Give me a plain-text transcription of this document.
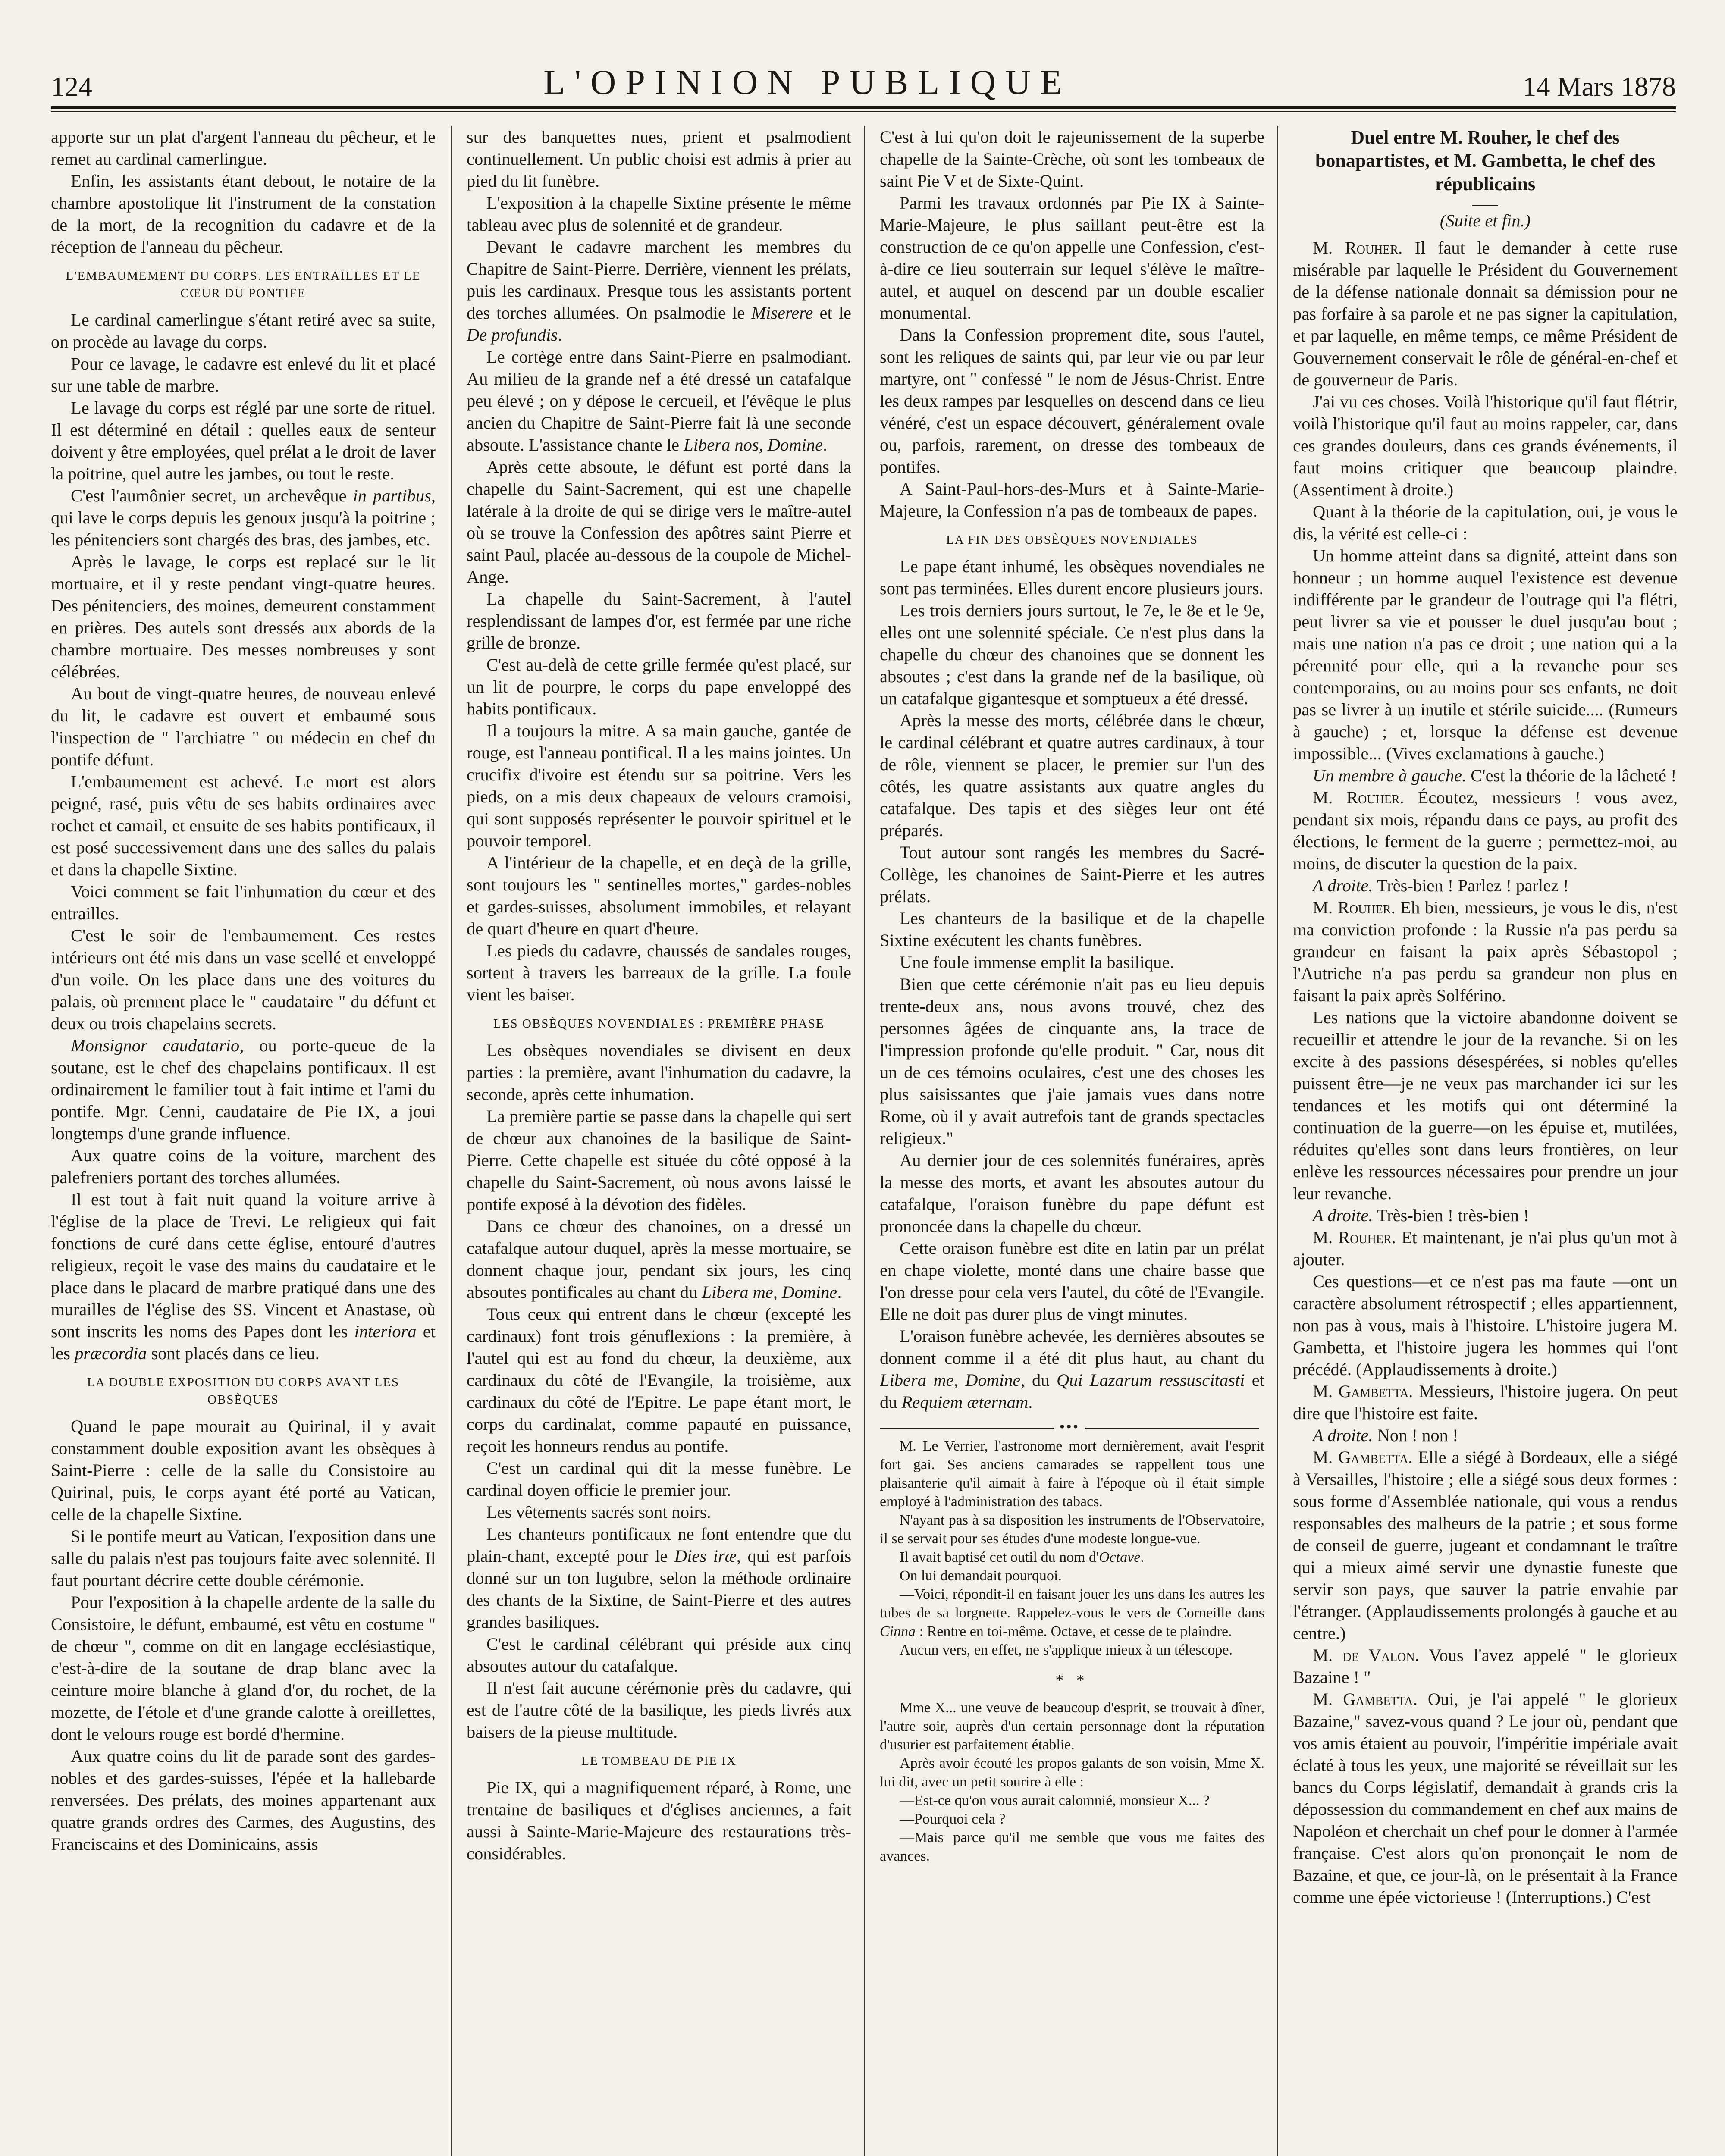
124	L'OPINION PUBLIQUE	14 Mars 1878

apporte sur un plat d'argent l'anneau du pêcheur, et le remet au cardinal camerlingue.

Enfin, les assistants étant debout, le notaire de la chambre apostolique lit l'instrument de la constation de la mort, de la recognition du cadavre et de la réception de l'anneau du pêcheur.

L'EMBAUMEMENT DU CORPS. LES ENTRAILLES ET LE CŒUR DU PONTIFE

Le cardinal camerlingue s'étant retiré avec sa suite, on procède au lavage du corps.

Pour ce lavage, le cadavre est enlevé du lit et placé sur une table de marbre.

Le lavage du corps est réglé par une sorte de rituel. Il est déterminé en détail : quelles eaux de senteur doivent y être employées, quel prélat a le droit de laver la poitrine, quel autre les jambes, ou tout le reste.

C'est l'aumônier secret, un archevêque in partibus, qui lave le corps depuis les genoux jusqu'à la poitrine ; les pénitenciers sont chargés des bras, des jambes, etc.

Après le lavage, le corps est replacé sur le lit mortuaire, et il y reste pendant vingt-quatre heures. Des pénitenciers, des moines, demeurent constamment en prières. Des autels sont dressés aux abords de la chambre mortuaire. Des messes nombreuses y sont célébrées.

Au bout de vingt-quatre heures, de nouveau enlevé du lit, le cadavre est ouvert et embaumé sous l'inspection de " l'archiatre " ou médecin en chef du pontife défunt.

L'embaumement est achevé. Le mort est alors peigné, rasé, puis vêtu de ses habits ordinaires avec rochet et camail, et ensuite de ses habits pontificaux, il est posé successivement dans une des salles du palais et dans la chapelle Sixtine.

Voici comment se fait l'inhumation du cœur et des entrailles.

C'est le soir de l'embaumement. Ces restes intérieurs ont été mis dans un vase scellé et enveloppé d'un voile. On les place dans une des voitures du palais, où prennent place le " caudataire " du défunt et deux ou trois chapelains secrets.

Monsignor caudatario, ou porte-queue de la soutane, est le chef des chapelains pontificaux. Il est ordinairement le familier tout à fait intime et l'ami du pontife. Mgr. Cenni, caudataire de Pie IX, a joui longtemps d'une grande influence.

Aux quatre coins de la voiture, marchent des palefreniers portant des torches allumées.

Il est tout à fait nuit quand la voiture arrive à l'église de la place de Trevi. Le religieux qui fait fonctions de curé dans cette église, entouré d'autres religieux, reçoit le vase des mains du caudataire et le place dans le placard de marbre pratiqué dans une des murailles de l'église des SS. Vincent et Anastase, où sont inscrits les noms des Papes dont les interiora et les præcordia sont placés dans ce lieu.

LA DOUBLE EXPOSITION DU CORPS AVANT LES OBSÈQUES

Quand le pape mourait au Quirinal, il y avait constamment double exposition avant les obsèques à Saint-Pierre : celle de la salle du Consistoire au Quirinal, puis, le corps ayant été porté au Vatican, celle de la chapelle Sixtine.

Si le pontife meurt au Vatican, l'exposition dans une salle du palais n'est pas toujours faite avec solennité. Il faut pourtant décrire cette double cérémonie.

Pour l'exposition à la chapelle ardente de la salle du Consistoire, le défunt, embaumé, est vêtu en costume " de chœur ", comme on dit en langage ecclésiastique, c'est-à-dire de la soutane de drap blanc avec la ceinture moire blanche à gland d'or, du rochet, de la mozette, de l'étole et d'une grande calotte à oreillettes, dont le velours rouge est bordé d'hermine.

Aux quatre coins du lit de parade sont des gardes-nobles et des gardes-suisses, l'épée et la hallebarde renversées. Des prélats, des moines appartenant aux quatre grands ordres des Carmes, des Augustins, des Franciscains et des Dominicains, assis

sur des banquettes nues, prient et psalmodient continuellement. Un public choisi est admis à prier au pied du lit funèbre.

L'exposition à la chapelle Sixtine présente le même tableau avec plus de solennité et de grandeur.

Devant le cadavre marchent les membres du Chapitre de Saint-Pierre. Derrière, viennent les prélats, puis les cardinaux. Presque tous les assistants portent des torches allumées. On psalmodie le Miserere et le De profundis.

Le cortège entre dans Saint-Pierre en psalmodiant. Au milieu de la grande nef a été dressé un catafalque peu élevé ; on y dépose le cercueil, et l'évêque le plus ancien du Chapitre de Saint-Pierre fait là une seconde absoute. L'assistance chante le Libera nos, Domine.

Après cette absoute, le défunt est porté dans la chapelle du Saint-Sacrement, qui est une chapelle latérale à la droite de qui se dirige vers le maître-autel où se trouve la Confession des apôtres saint Pierre et saint Paul, placée au-dessous de la coupole de Michel-Ange.

La chapelle du Saint-Sacrement, à l'autel resplendissant de lampes d'or, est fermée par une riche grille de bronze.

C'est au-delà de cette grille fermée qu'est placé, sur un lit de pourpre, le corps du pape enveloppé des habits pontificaux.

Il a toujours la mitre. A sa main gauche, gantée de rouge, est l'anneau pontifical. Il a les mains jointes. Un crucifix d'ivoire est étendu sur sa poitrine. Vers les pieds, on a mis deux chapeaux de velours cramoisi, qui sont supposés représenter le pouvoir spirituel et le pouvoir temporel.

A l'intérieur de la chapelle, et en deçà de la grille, sont toujours les " sentinelles mortes," gardes-nobles et gardes-suisses, absolument immobiles, et relayant de quart d'heure en quart d'heure.

Les pieds du cadavre, chaussés de sandales rouges, sortent à travers les barreaux de la grille. La foule vient les baiser.

LES OBSÈQUES NOVENDIALES : PREMIÈRE PHASE

Les obsèques novendiales se divisent en deux parties : la première, avant l'inhumation du cadavre, la seconde, après cette inhumation.

La première partie se passe dans la chapelle qui sert de chœur aux chanoines de la basilique de Saint-Pierre. Cette chapelle est située du côté opposé à la chapelle du Saint-Sacrement, où nous avons laissé le pontife exposé à la dévotion des fidèles.

Dans ce chœur des chanoines, on a dressé un catafalque autour duquel, après la messe mortuaire, se donnent chaque jour, pendant six jours, les cinq absoutes pontificales au chant du Libera me, Domine.

Tous ceux qui entrent dans le chœur (excepté les cardinaux) font trois génuflexions : la première, à l'autel qui est au fond du chœur, la deuxième, aux cardinaux du côté de l'Evangile, la troisième, aux cardinaux du côté de l'Epitre. Le pape étant mort, le corps du cardinalat, comme papauté en puissance, reçoit les honneurs rendus au pontife.

C'est un cardinal qui dit la messe funèbre. Le cardinal doyen officie le premier jour.

Les vêtements sacrés sont noirs.

Les chanteurs pontificaux ne font entendre que du plain-chant, excepté pour le Dies iræ, qui est parfois donné sur un ton lugubre, selon la méthode ordinaire des chants de la Sixtine, de Saint-Pierre et des autres grandes basiliques.

C'est le cardinal célébrant qui préside aux cinq absoutes autour du catafalque.

Il n'est fait aucune cérémonie près du cadavre, qui est de l'autre côté de la basilique, les pieds livrés aux baisers de la pieuse multitude.

LE TOMBEAU DE PIE IX

Pie IX, qui a magnifiquement réparé, à Rome, une trentaine de basiliques et d'églises anciennes, a fait aussi à Sainte-Marie-Majeure des restaurations très-considérables.

C'est à lui qu'on doit le rajeunissement de la superbe chapelle de la Sainte-Crèche, où sont les tombeaux de saint Pie V et de Sixte-Quint.

Parmi les travaux ordonnés par Pie IX à Sainte-Marie-Majeure, le plus saillant peut-être est la construction de ce qu'on appelle une Confession, c'est-à-dire ce lieu souterrain sur lequel s'élève le maître-autel, et auquel on descend par un double escalier monumental.

Dans la Confession proprement dite, sous l'autel, sont les reliques de saints qui, par leur vie ou par leur martyre, ont " confessé " le nom de Jésus-Christ. Entre les deux rampes par lesquelles on descend dans ce lieu vénéré, c'est un espace découvert, généralement ovale ou, parfois, rarement, on dresse des tombeaux de pontifes.

A Saint-Paul-hors-des-Murs et à Sainte-Marie-Majeure, la Confession n'a pas de tombeaux de papes.

LA FIN DES OBSÈQUES NOVENDIALES

Le pape étant inhumé, les obsèques novendiales ne sont pas terminées. Elles durent encore plusieurs jours.

Les trois derniers jours surtout, le 7e, le 8e et le 9e, elles ont une solennité spéciale. Ce n'est plus dans la chapelle du chœur des chanoines que se donnent les absoutes ; c'est dans la grande nef de la basilique, où un catafalque gigantesque et somptueux a été dressé.

Après la messe des morts, célébrée dans le chœur, le cardinal célébrant et quatre autres cardinaux, à tour de rôle, viennent se placer, le premier sur l'un des côtés, les quatre assistants aux quatre angles du catafalque. Des tapis et des sièges leur ont été préparés.

Tout autour sont rangés les membres du Sacré-Collège, les chanoines de Saint-Pierre et les autres prélats.

Les chanteurs de la basilique et de la chapelle Sixtine exécutent les chants funèbres.

Une foule immense emplit la basilique.

Bien que cette cérémonie n'ait pas eu lieu depuis trente-deux ans, nous avons trouvé, chez des personnes âgées de cinquante ans, la trace de l'impression profonde qu'elle produit. " Car, nous dit un de ces témoins oculaires, c'est une des choses les plus saisissantes que j'aie jamais vues dans notre Rome, où il y avait autrefois tant de grands spectacles religieux."

Au dernier jour de ces solennités funéraires, après la messe des morts, et avant les absoutes autour du catafalque, l'oraison funèbre du pape défunt est prononcée dans la chapelle du chœur.

Cette oraison funèbre est dite en latin par un prélat en chape violette, monté dans une chaire basse que l'on dresse pour cela vers l'autel, du côté de l'Evangile. Elle ne doit pas durer plus de vingt minutes.

L'oraison funèbre achevée, les dernières absoutes se donnent comme il a été dit plus haut, au chant du Libera me, Domine, du Qui Lazarum ressuscitasti et du Requiem æternam.

•••

M. Le Verrier, l'astronome mort dernièrement, avait l'esprit fort gai. Ses anciens camarades se rappellent tous une plaisanterie qu'il aimait à faire à l'époque où il était simple employé à l'administration des tabacs.

N'ayant pas à sa disposition les instruments de l'Observatoire, il se servait pour ses études d'une modeste longue-vue.

Il avait baptisé cet outil du nom d'Octave.

On lui demandait pourquoi.

—Voici, répondit-il en faisant jouer les uns dans les autres les tubes de sa lorgnette. Rappelez-vous le vers de Corneille dans Cinna : Rentre en toi-même. Octave, et cesse de te plaindre.

Aucun vers, en effet, ne s'applique mieux à un télescope.

* *

Mme X... une veuve de beaucoup d'esprit, se trouvait à dîner, l'autre soir, auprès d'un certain personnage dont la réputation d'usurier est parfaitement établie.

Après avoir écouté les propos galants de son voisin, Mme X. lui dit, avec un petit sourire à elle :

—Est-ce qu'on vous aurait calomnié, monsieur X... ?

—Pourquoi cela ?

—Mais parce qu'il me semble que vous me faites des avances.

Duel entre M. Rouher, le chef des bonapartistes, et M. Gambetta, le chef des républicains

(Suite et fin.)

M. Rouher. Il faut le demander à cette ruse misérable par laquelle le Président du Gouvernement de la défense nationale donnait sa démission pour ne pas forfaire à sa parole et ne pas signer la capitulation, et par laquelle, en même temps, ce même Président de Gouvernement conservait le rôle de général-en-chef et de gouverneur de Paris.

J'ai vu ces choses. Voilà l'historique qu'il faut flétrir, voilà l'historique qu'il faut au moins rappeler, car, dans ces grandes douleurs, dans ces grands événements, il faut moins critiquer que beaucoup plaindre. (Assentiment à droite.)

Quant à la théorie de la capitulation, oui, je vous le dis, la vérité est celle-ci :

Un homme atteint dans sa dignité, atteint dans son honneur ; un homme auquel l'existence est devenue indifférente par le grandeur de l'outrage qui l'a flétri, peut livrer sa vie et pousser le duel jusqu'au bout ; mais une nation n'a pas ce droit ; une nation qui a la pérennité pour elle, qui a la revanche pour ses contemporains, ou au moins pour ses enfants, ne doit pas se livrer à un inutile et stérile suicide.... (Rumeurs à gauche) ; et, lorsque la défense est devenue impossible... (Vives exclamations à gauche.)

Un membre à gauche. C'est la théorie de la lâcheté !

M. Rouher. Écoutez, messieurs ! vous avez, pendant six mois, répandu dans ce pays, au profit des élections, le ferment de la guerre ; permettez-moi, au moins, de discuter la question de la paix.

A droite. Très-bien ! Parlez ! parlez !

M. Rouher. Eh bien, messieurs, je vous le dis, n'est ma conviction profonde : la Russie n'a pas perdu sa grandeur en faisant la paix après Sébastopol ; l'Autriche n'a pas perdu sa grandeur non plus en faisant la paix après Solférino.

Les nations que la victoire abandonne doivent se recueillir et attendre le jour de la revanche. Si on les excite à des passions désespérées, si nobles qu'elles puissent être—je ne veux pas marchander ici sur les tendances et les motifs qui ont déterminé la continuation de la guerre—on les épuise et, mutilées, réduites qu'elles sont dans leurs frontières, on leur enlève les ressources nécessaires pour prendre un jour leur revanche.

A droite. Très-bien ! très-bien !

M. Rouher. Et maintenant, je n'ai plus qu'un mot à ajouter.

Ces questions—et ce n'est pas ma faute —ont un caractère absolument rétrospectif ; elles appartiennent, non pas à vous, mais à l'histoire. L'histoire jugera M. Gambetta, et l'histoire jugera les hommes qui l'ont précédé. (Applaudissements à droite.)

M. Gambetta. Messieurs, l'histoire jugera. On peut dire que l'histoire est faite.

A droite. Non ! non !

M. Gambetta. Elle a siégé à Bordeaux, elle a siégé à Versailles, l'histoire ; elle a siégé sous deux formes : sous forme d'Assemblée nationale, qui vous a rendus responsables des malheurs de la patrie ; et sous forme de conseil de guerre, jugeant et condamnant le traître qui a mieux aimé servir une dynastie funeste que servir son pays, que sauver la patrie envahie par l'étranger. (Applaudissements prolongés à gauche et au centre.)

M. de Valon. Vous l'avez appelé " le glorieux Bazaine ! "

M. Gambetta. Oui, je l'ai appelé " le glorieux Bazaine," savez-vous quand ? Le jour où, pendant que vos amis étaient au pouvoir, l'impéritie impériale avait éclaté à tous les yeux, une majorité se réveillait sur les bancs du Corps législatif, demandait à grands cris la dépossession du commandement en chef aux mains de Napoléon et cherchait un chef pour le donner à l'armée française. C'est alors qu'on prononçait le nom de Bazaine, et que, ce jour-là, on le présentait à la France comme une épée victorieuse ! (Interruptions.) C'est
